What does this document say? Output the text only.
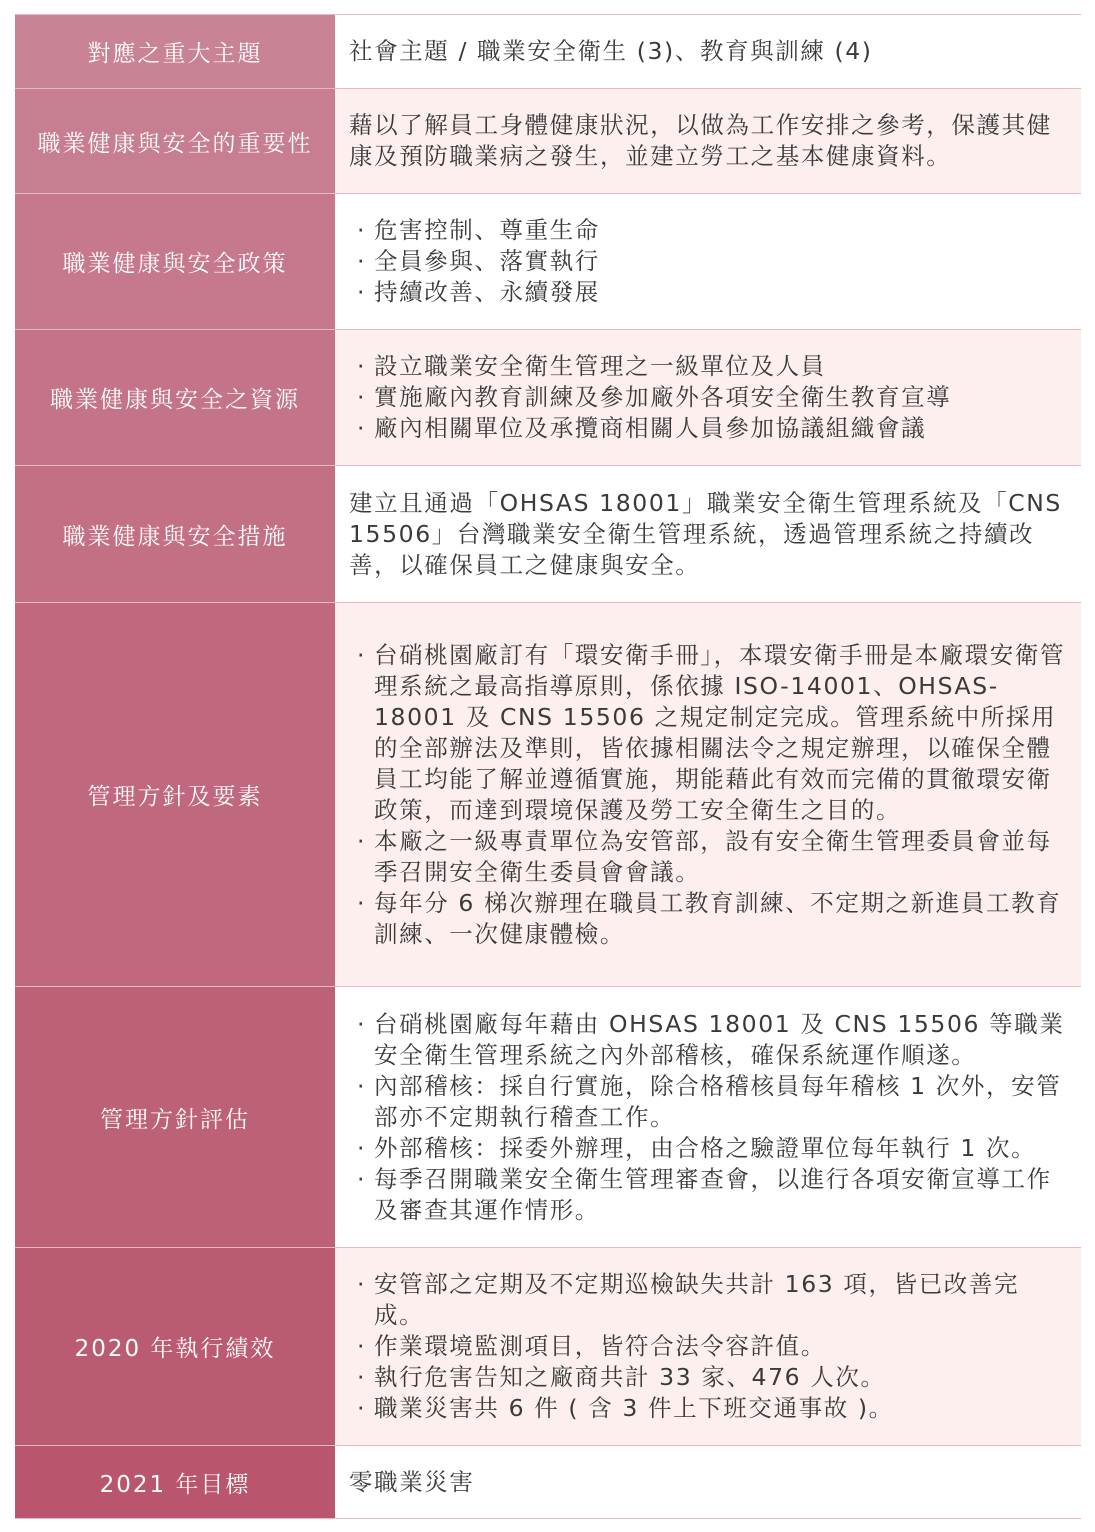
對應之重大主題	社會主題 / 職業安全衛生 (3)、教育與訓練 (4)

職業健康與安全的重要性

藉以了解員工身體健康狀況，以做為工作安排之參考，保護其健康及預防職業病之發生，並建立勞工之基本健康資料。

職業健康與安全政策
· 危害控制、尊重生命
· 全員參與、落實執行
· 持續改善、永續發展
職業健康與安全之資源
· 設立職業安全衛生管理之一級單位及人員
· 實施廠內教育訓練及參加廠外各項安全衛生教育宣導
· 廠內相關單位及承攬商相關人員參加協議組織會議
職業健康與安全措施

建立且通過「OHSAS 18001」職業安全衛生管理系統及「CNS 15506」台灣職業安全衛生管理系統，透過管理系統之持續改善，以確保員工之健康與安全。

管理方針及要素
· 台硝桃園廠訂有「環安衛手冊」，本環安衛手冊是本廠環安衛管理系統之最高指導原則，係依據 ISO-14001、OHSAS-18001 及 CNS 15506 之規定制定完成。管理系統中所採用的全部辦法及準則，皆依據相關法令之規定辦理，以確保全體員工均能了解並遵循實施，期能藉此有效而完備的貫徹環安衛政策，而達到環境保護及勞工安全衛生之目的。
· 本廠之一級專責單位為安管部，設有安全衛生管理委員會並每季召開安全衛生委員會會議。
· 每年分 6 梯次辦理在職員工教育訓練、不定期之新進員工教育訓練、一次健康體檢。
管理方針評估
· 台硝桃園廠每年藉由 OHSAS 18001 及 CNS 15506 等職業安全衛生管理系統之內外部稽核，確保系統運作順遂。
· 內部稽核：採自行實施，除合格稽核員每年稽核 1 次外，安管部亦不定期執行稽查工作。
· 外部稽核：採委外辦理，由合格之驗證單位每年執行 1 次。
· 每季召開職業安全衛生管理審查會，以進行各項安衛宣導工作及審查其運作情形。
2020 年執行績效
· 安管部之定期及不定期巡檢缺失共計 163 項，皆已改善完成。
· 作業環境監測項目，皆符合法令容許值。
· 執行危害告知之廠商共計 33 家、476 人次。
· 職業災害共 6 件 ( 含 3 件上下班交通事故 )。
2021 年目標	零職業災害
